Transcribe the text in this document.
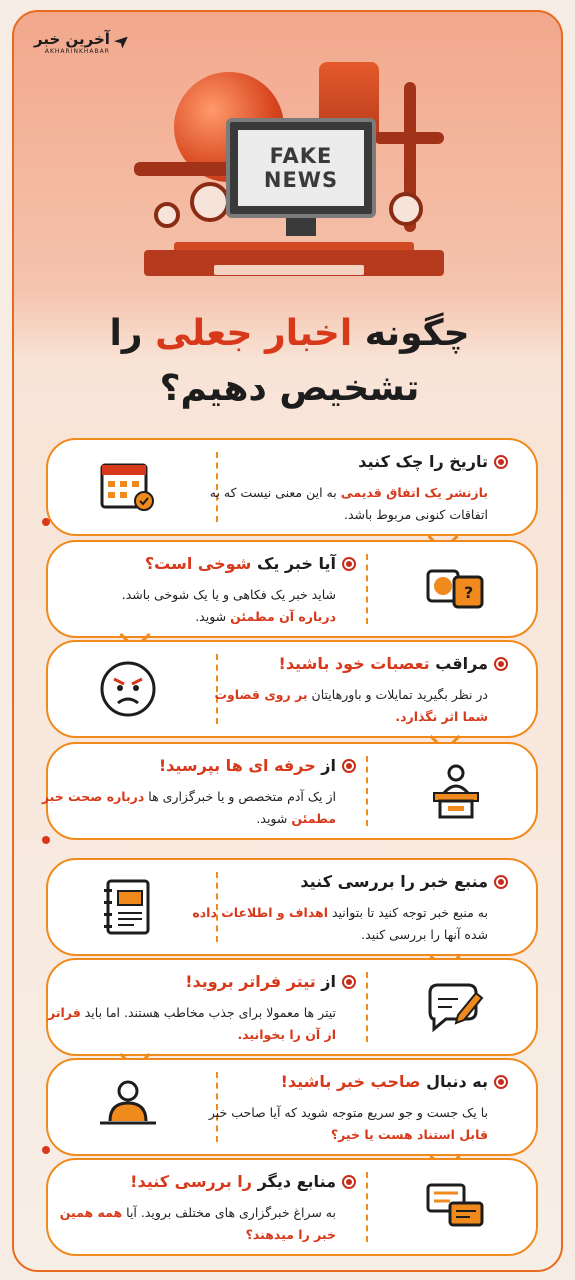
آخرین خبر
AKHARINKHABAR
FAKE
NEWS
چگونه اخبار جعلی را
تشخیص دهیم؟
تاریخ را چک کنید
بازنشر یک اتفاق قدیمی به این معنی نیست که به اتفاقات کنونی مربوط باشد.
?
آیا خبر یک شوخی است؟
شاید خبر یک فکاهی و یا یک شوخی باشد.
درباره آن مطمئن شوید.
مراقب تعصبات خود باشید!
در نظر بگیرید تمایلات و باورهایتان بر روی قضاوت شما اثر نگذارد.
از حرفه ای ها بپرسید!
از یک آدم متخصص و یا خبرگزاری ها درباره صحت خبر مطمئن شوید.
منبع خبر را بررسی کنید
به منبع خبر توجه کنید تا بتوانید اهداف و اطلاعات داده شده آنها را بررسی کنید.
از تیتر فراتر بروید!
تیتر ها معمولا برای جذب مخاطب هستند. اما باید فراتر از آن را بخوانید.
به دنبال صاحب خبر باشید!
با یک جست و جو سریع متوجه شوید که آیا صاحب خبر قابل استناد هست یا خیر؟
منابع دیگر را بررسی کنید!
به سراغ خبرگزاری های مختلف بروید. آیا همه همین خبر را میدهند؟
